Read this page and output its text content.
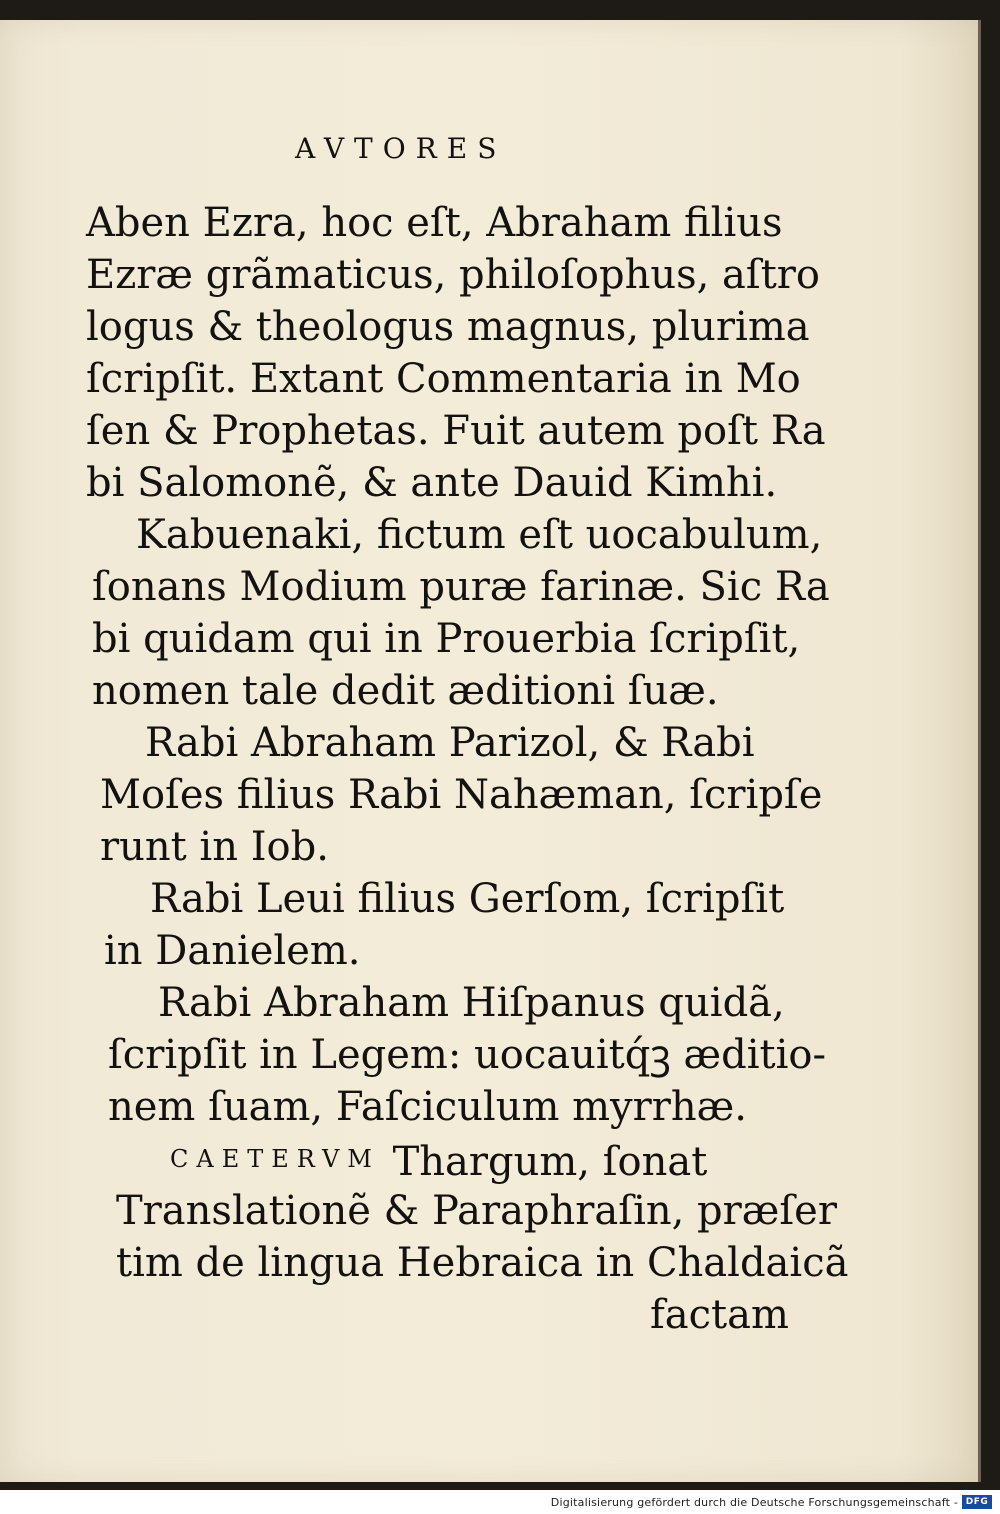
AVTORES
Aben Ezra, hoc eſt, Abraham filius
Ezræ grãmaticus, philoſophus, aſtro
logus & theologus magnus, plurima
ſcripſit. Extant Commentaria in Mo
ſen & Prophetas. Fuit autem poſt Ra
bi Salomonẽ, & ante Dauid Kimhi.
Kabuenaki, fictum eſt uocabulum,
ſonans Modium puræ farinæ. Sic Ra
bi quidam qui in Prouerbia ſcripſit,
nomen tale dedit æditioni ſuæ.
Rabi Abraham Parizol, & Rabi
Moſes filius Rabi Nahæman, ſcripſe
runt in Iob.
Rabi Leui filius Gerſom, ſcripſit
in Danielem.
Rabi Abraham Hiſpanus quidã,
ſcripſit in Legem: uocauitq́ꝫ æditio-
nem ſuam, Faſciculum myrrhæ.
$^{CAETERVM}$ Thargum, ſonat
Translationẽ & Paraphraſin, præſer
tim de lingua Hebraica in Chaldaicã
factam
Digitalisierung gefördert durch die Deutsche Forschungsgemeinschaft - DFG
